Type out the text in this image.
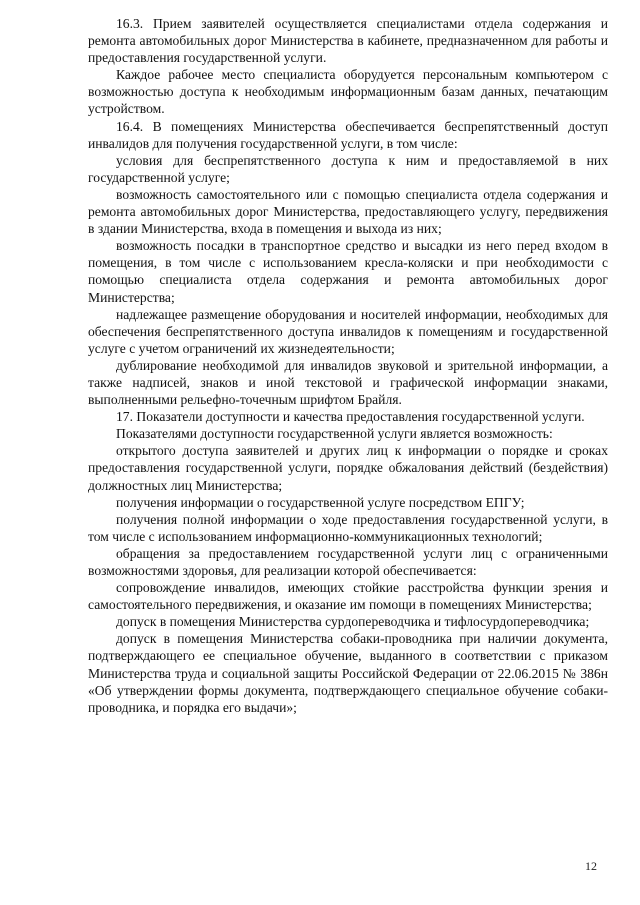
16.3. Прием заявителей осуществляется специалистами отдела содержания и ремонта автомобильных дорог Министерства в кабинете, предназначенном для работы и предоставления государственной услуги.

Каждое рабочее место специалиста оборудуется персональным компьютером с возможностью доступа к необходимым информационным базам данных, печатающим устройством.

16.4. В помещениях Министерства обеспечивается беспрепятственный доступ инвалидов для получения государственной услуги, в том числе:

условия для беспрепятственного доступа к ним и предоставляемой в них государственной услуге;

возможность самостоятельного или с помощью специалиста отдела содержания и ремонта автомобильных дорог Министерства, предоставляющего услугу, передвижения в здании Министерства, входа в помещения и выхода из них;

возможность посадки в транспортное средство и высадки из него перед входом в помещения, в том числе с использованием кресла-коляски и при необходимости с помощью специалиста отдела содержания и ремонта автомобильных дорог Министерства;

надлежащее размещение оборудования и носителей информации, необходимых для обеспечения беспрепятственного доступа инвалидов к помещениям и государственной услуге с учетом ограничений их жизнедеятельности;

дублирование необходимой для инвалидов звуковой и зрительной информации, а также надписей, знаков и иной текстовой и графической информации знаками, выполненными рельефно-точечным шрифтом Брайля.

17. Показатели доступности и качества предоставления государственной услуги.

Показателями доступности государственной услуги является возможность:

открытого доступа заявителей и других лиц к информации о порядке и сроках предоставления государственной услуги, порядке обжалования действий (бездействия) должностных лиц Министерства;

получения информации о государственной услуге посредством ЕПГУ;

получения полной информации о ходе предоставления государственной услуги, в том числе с использованием информационно-коммуникационных технологий;

обращения за предоставлением государственной услуги лиц с ограниченными возможностями здоровья, для реализации которой обеспечивается:

сопровождение инвалидов, имеющих стойкие расстройства функции зрения и самостоятельного передвижения, и оказание им помощи в помещениях Министерства;

допуск в помещения Министерства сурдопереводчика и тифлосурдопереводчика;

допуск в помещения Министерства собаки-проводника при наличии документа, подтверждающего ее специальное обучение, выданного в соответствии с приказом Министерства труда и социальной защиты Российской Федерации от 22.06.2015 № 386н «Об утверждении формы документа, подтверждающего специальное обучение собаки-проводника, и порядка его выдачи»;

12
